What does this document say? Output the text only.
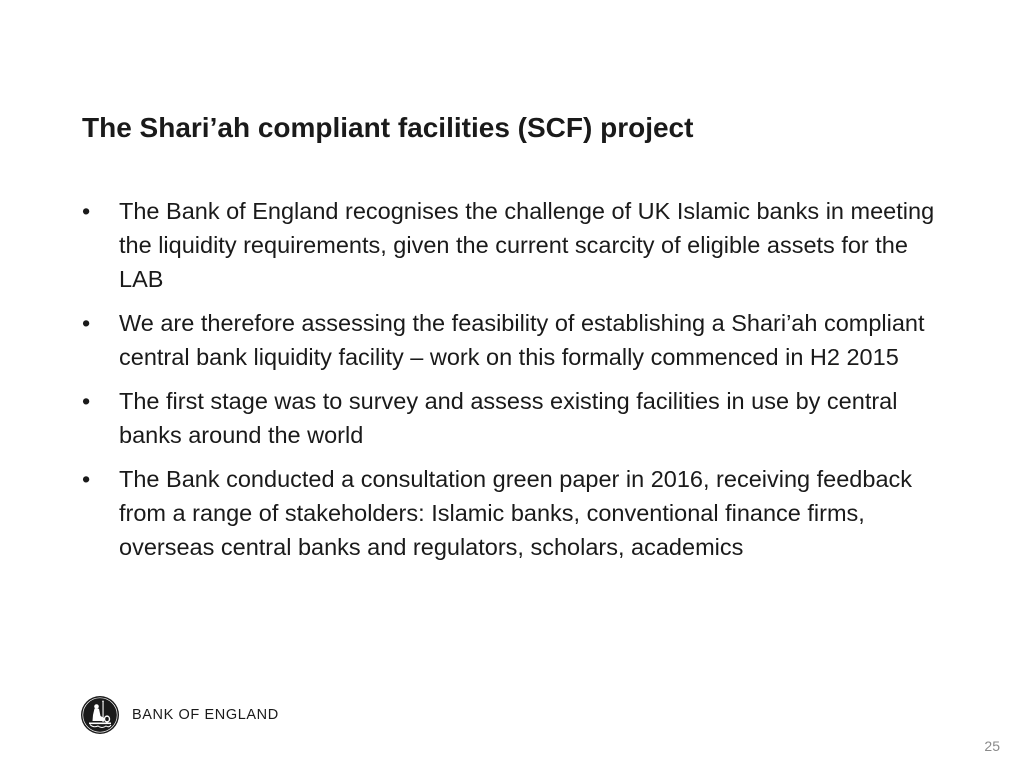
The Shari’ah compliant facilities (SCF) project
•	The Bank of England recognises the challenge of UK Islamic banks in meeting the liquidity requirements, given the current scarcity of eligible assets for the LAB
•	We are therefore assessing the feasibility of establishing a Shari’ah compliant central bank liquidity facility – work on this formally commenced in H2 2015
•	The first stage was to survey and assess existing facilities in use by central banks around the world
•	The Bank conducted a consultation green paper in 2016, receiving feedback from a range of stakeholders: Islamic banks, conventional finance firms, overseas central banks and regulators, scholars, academics
BANK OF ENGLAND
25
